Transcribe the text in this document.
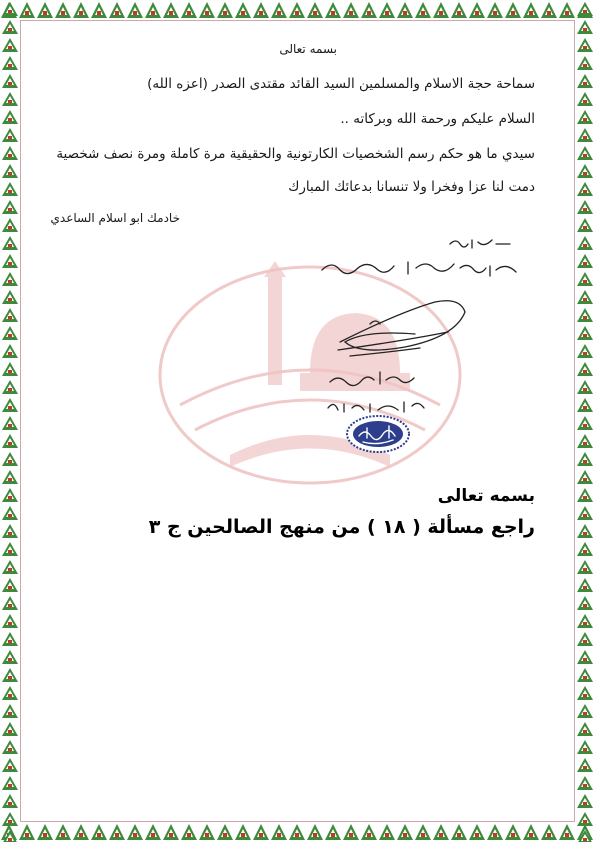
بسمه تعالى
سماحة حجة الاسلام والمسلمين السيد القائد مقتدى الصدر (اعزه الله)
السلام عليكم ورحمة الله وبركاته ..
سيدي ما هو حكم رسم الشخصيات الكارتونية والحقيقية مرة كاملة ومرة نصف شخصية
دمت لنا عزا وفخرا ولا تنسانا بدعائك المبارك
خادمك ابو اسلام الساعدي
بسمه تعالى
راجع مسألة ( ١٨ ) من منهج الصالحين ج ٣
